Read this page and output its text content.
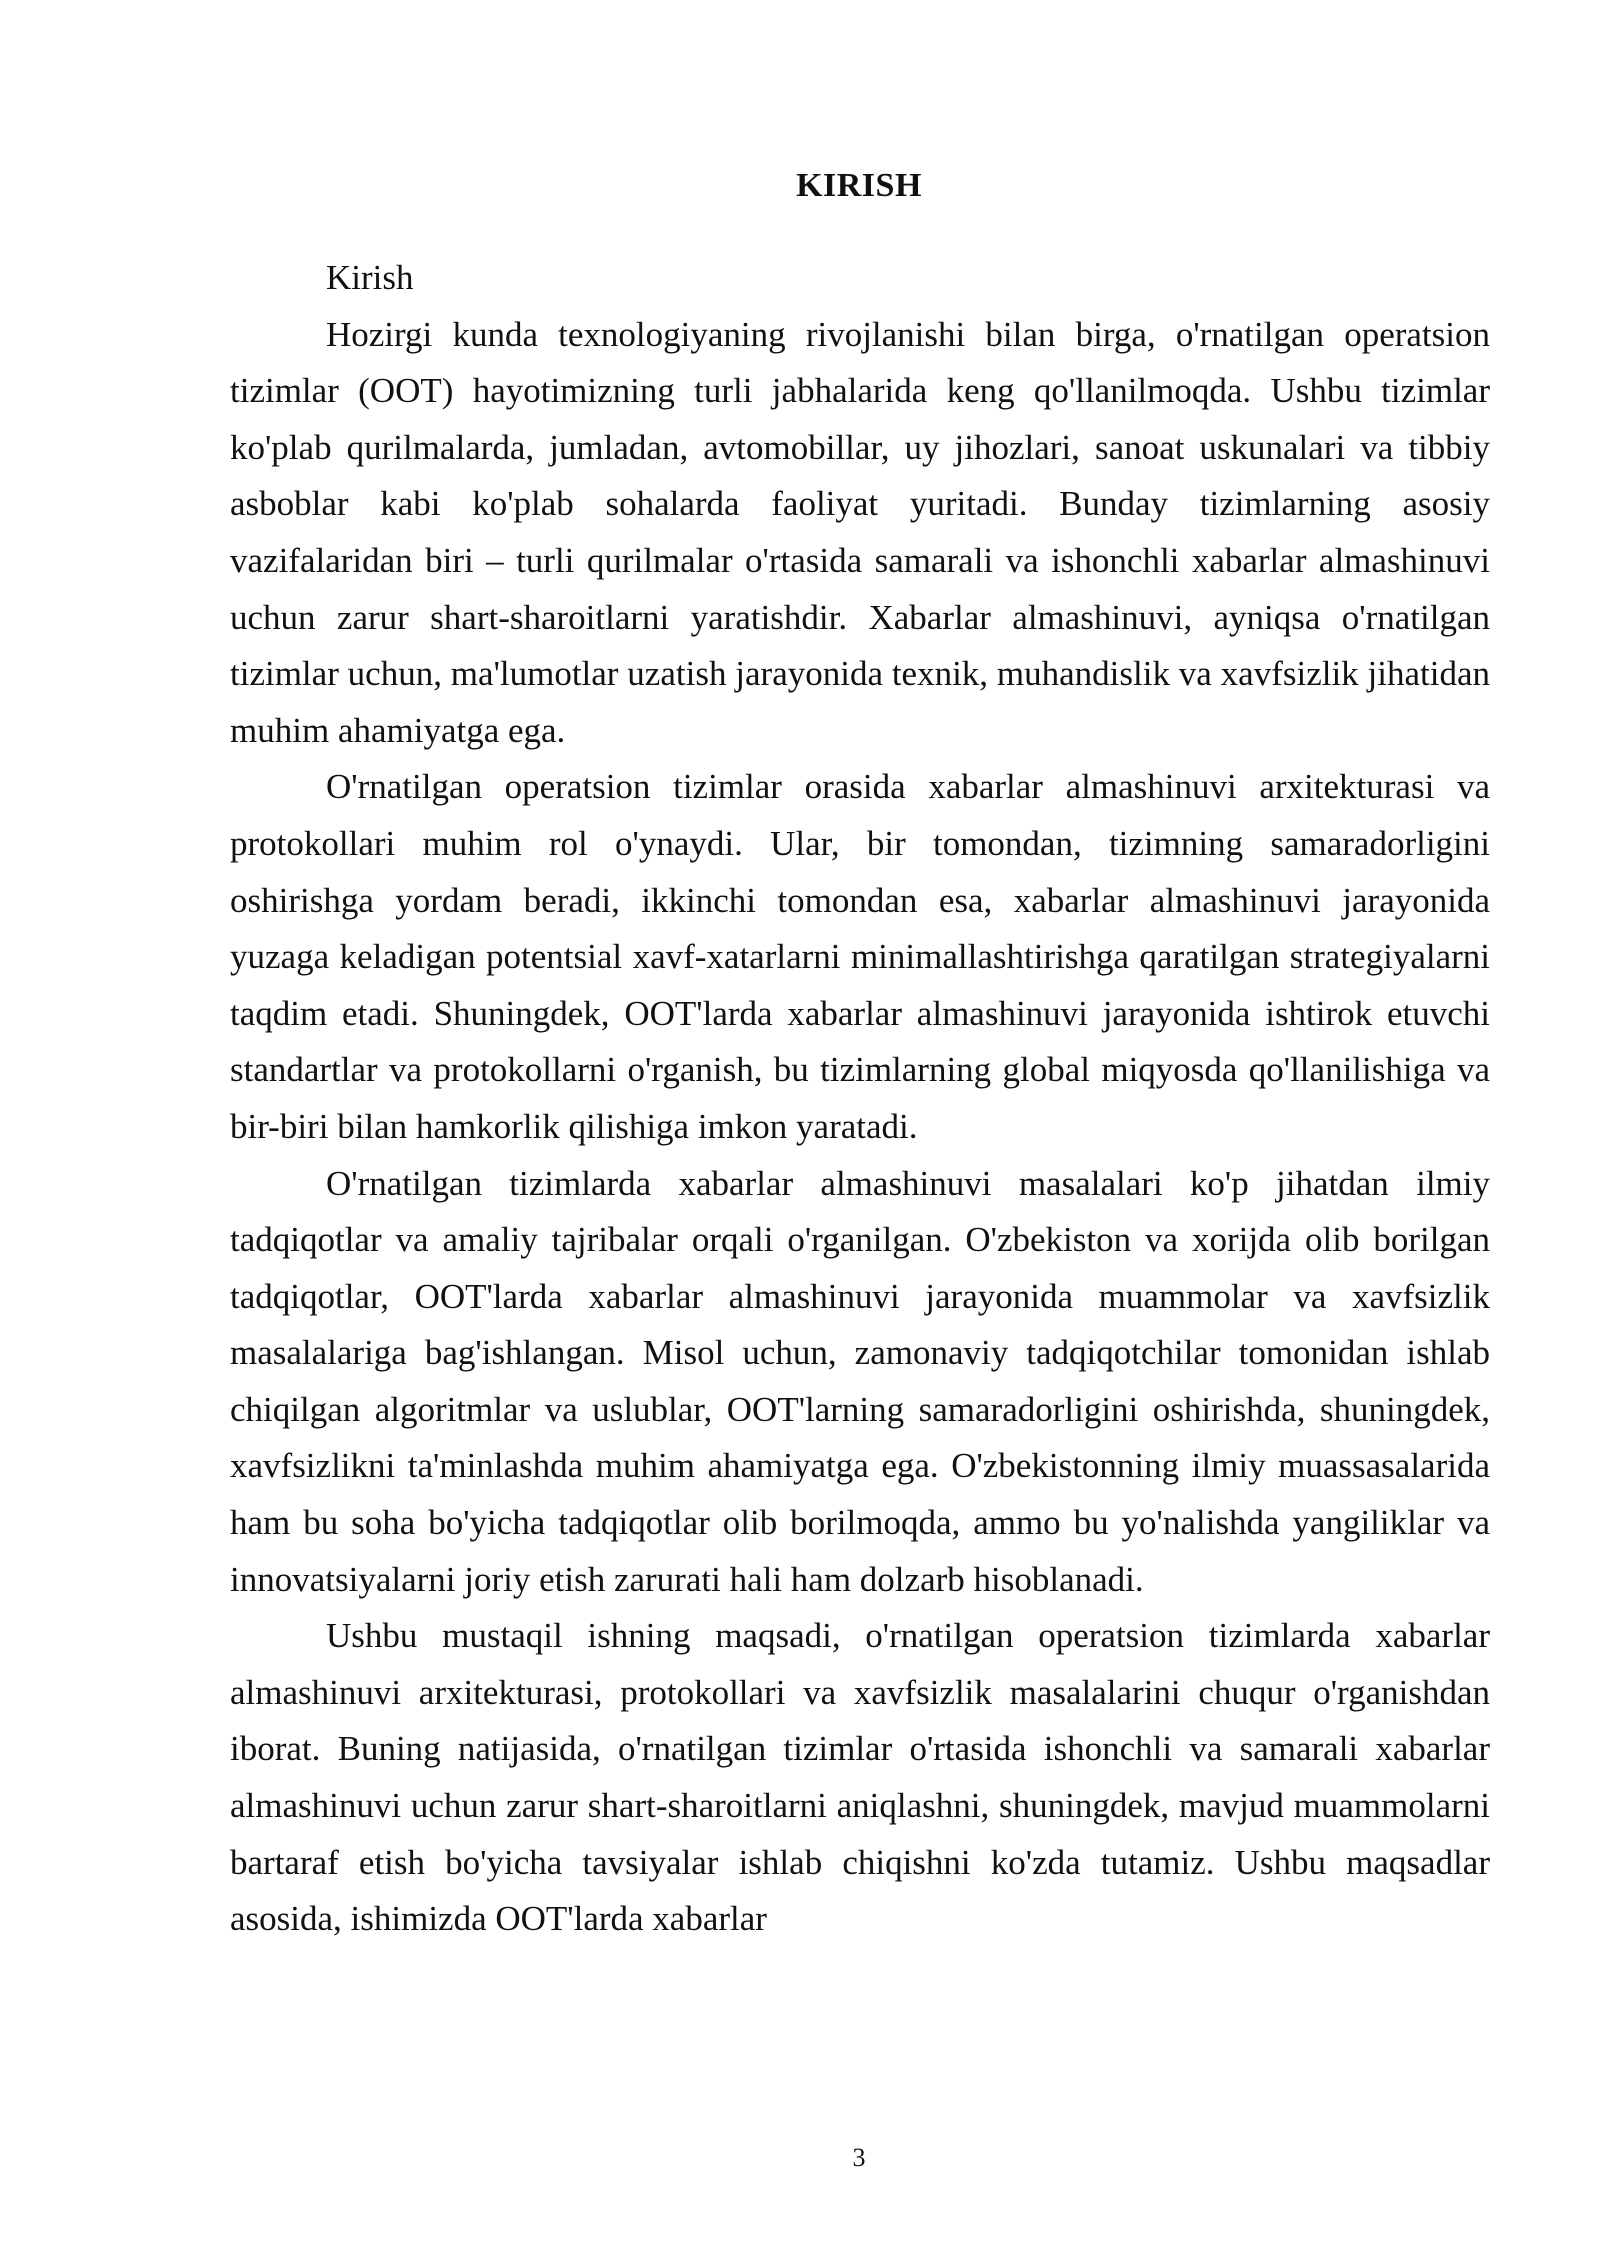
KIRISH

Kirish

Hozirgi kunda texnologiyaning rivojlanishi bilan birga, o'rnatilgan operatsion tizimlar (OOT) hayotimizning turli jabhalarida keng qo'llanilmoqda. Ushbu tizimlar ko'plab qurilmalarda, jumladan, avtomobillar, uy jihozlari, sanoat uskunalari va tibbiy asboblar kabi ko'plab sohalarda faoliyat yuritadi. Bunday tizimlarning asosiy vazifalaridan biri – turli qurilmalar o'rtasida samarali va ishonchli xabarlar almashinuvi uchun zarur shart-sharoitlarni yaratishdir. Xabarlar almashinuvi, ayniqsa o'rnatilgan tizimlar uchun, ma'lumotlar uzatish jarayonida texnik, muhandislik va xavfsizlik jihatidan muhim ahamiyatga ega.

O'rnatilgan operatsion tizimlar orasida xabarlar almashinuvi arxitekturasi va protokollari muhim rol o'ynaydi. Ular, bir tomondan, tizimning samaradorligini oshirishga yordam beradi, ikkinchi tomondan esa, xabarlar almashinuvi jarayonida yuzaga keladigan potentsial xavf-xatarlarni minimallashtirishga qaratilgan strategiyalarni taqdim etadi. Shuningdek, OOT'larda xabarlar almashinuvi jarayonida ishtirok etuvchi standartlar va protokollarni o'rganish, bu tizimlarning global miqyosda qo'llanilishiga va bir-biri bilan hamkorlik qilishiga imkon yaratadi.

O'rnatilgan tizimlarda xabarlar almashinuvi masalalari ko'p jihatdan ilmiy tadqiqotlar va amaliy tajribalar orqali o'rganilgan. O'zbekiston va xorijda olib borilgan tadqiqotlar, OOT'larda xabarlar almashinuvi jarayonida muammolar va xavfsizlik masalalariga bag'ishlangan. Misol uchun, zamonaviy tadqiqotchilar tomonidan ishlab chiqilgan algoritmlar va uslublar, OOT'larning samaradorligini oshirishda, shuningdek, xavfsizlikni ta'minlashda muhim ahamiyatga ega. O'zbekistonning ilmiy muassasalarida ham bu soha bo'yicha tadqiqotlar olib borilmoqda, ammo bu yo'nalishda yangiliklar va innovatsiyalarni joriy etish zarurati hali ham dolzarb hisoblanadi.

Ushbu mustaqil ishning maqsadi, o'rnatilgan operatsion tizimlarda xabarlar almashinuvi arxitekturasi, protokollari va xavfsizlik masalalarini chuqur o'rganishdan iborat. Buning natijasida, o'rnatilgan tizimlar o'rtasida ishonchli va samarali xabarlar almashinuvi uchun zarur shart-sharoitlarni aniqlashni, shuningdek, mavjud muammolarni bartaraf etish bo'yicha tavsiyalar ishlab chiqishni ko'zda tutamiz. Ushbu maqsadlar asosida, ishimizda OOT'larda xabarlar

3
